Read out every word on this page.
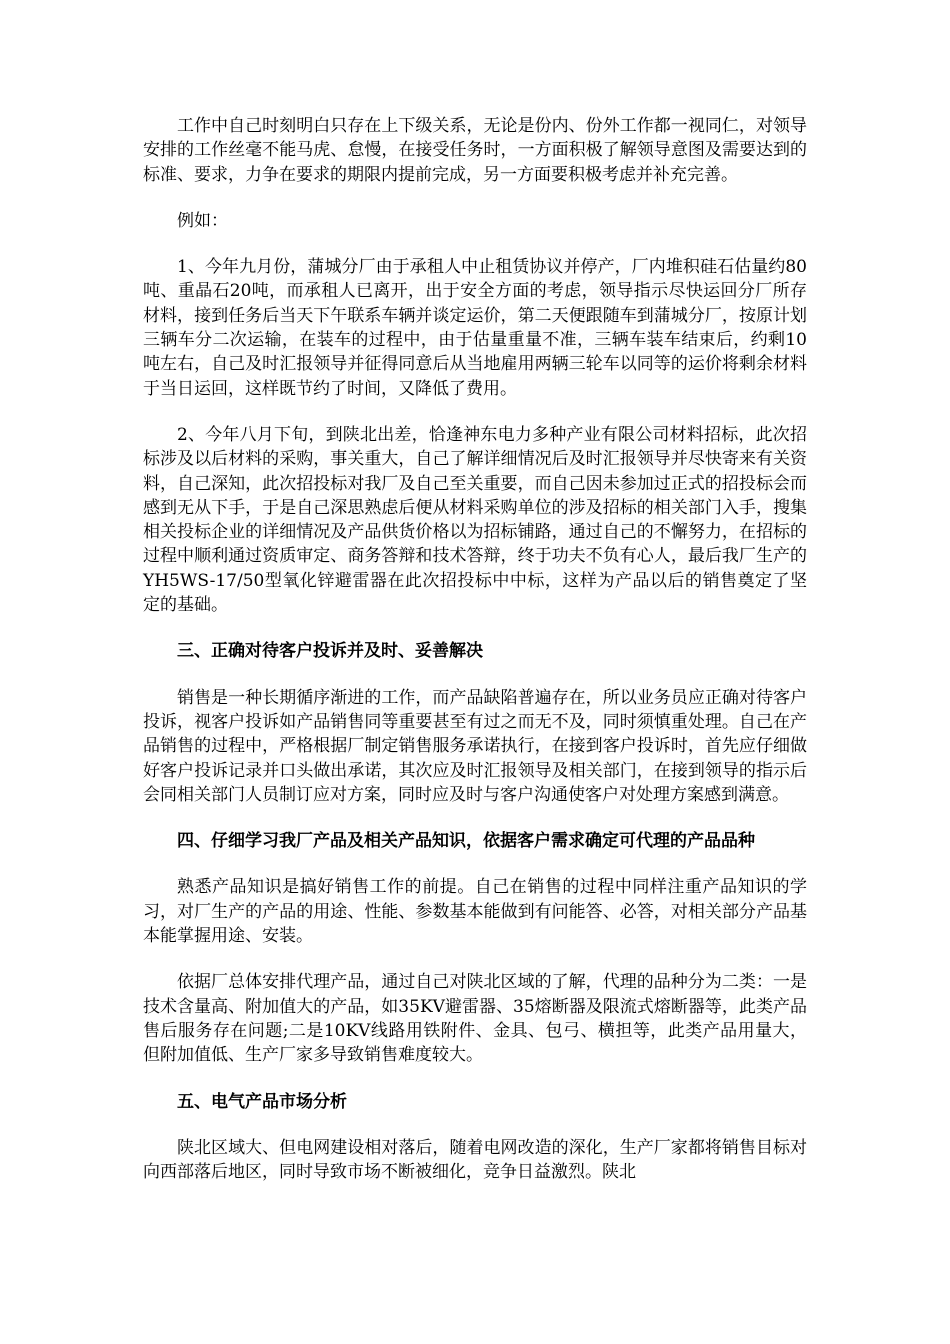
工作中自己时刻明白只存在上下级关系，无论是份内、份外工作都一视同仁，对领导安排的工作丝毫不能马虎、怠慢，在接受任务时，一方面积极了解领导意图及需要达到的标准、要求，力争在要求的期限内提前完成，另一方面要积极考虑并补充完善。

例如：

1、今年九月份，蒲城分厂由于承租人中止租赁协议并停产，厂内堆积硅石估量约80吨、重晶石20吨，而承租人已离开，出于安全方面的考虑，领导指示尽快运回分厂所存材料，接到任务后当天下午联系车辆并谈定运价，第二天便跟随车到蒲城分厂，按原计划三辆车分二次运输，在装车的过程中，由于估量重量不准，三辆车装车结束后，约剩10吨左右，自己及时汇报领导并征得同意后从当地雇用两辆三轮车以同等的运价将剩余材料于当日运回，这样既节约了时间，又降低了费用。

2、今年八月下旬，到陕北出差，恰逢神东电力多种产业有限公司材料招标，此次招标涉及以后材料的采购，事关重大，自己了解详细情况后及时汇报领导并尽快寄来有关资料，自己深知，此次招投标对我厂及自己至关重要，而自己因未参加过正式的招投标会而感到无从下手，于是自己深思熟虑后便从材料采购单位的涉及招标的相关部门入手，搜集相关投标企业的详细情况及产品供货价格以为招标铺路，通过自己的不懈努力，在招标的过程中顺利通过资质审定、商务答辩和技术答辩，终于功夫不负有心人，最后我厂生产的YH5WS-17/50型氧化锌避雷器在此次招投标中中标，这样为产品以后的销售奠定了坚定的基础。

三、正确对待客户投诉并及时、妥善解决

销售是一种长期循序渐进的工作，而产品缺陷普遍存在，所以业务员应正确对待客户投诉，视客户投诉如产品销售同等重要甚至有过之而无不及，同时须慎重处理。自己在产品销售的过程中，严格根据厂制定销售服务承诺执行，在接到客户投诉时，首先应仔细做好客户投诉记录并口头做出承诺，其次应及时汇报领导及相关部门，在接到领导的指示后会同相关部门人员制订应对方案，同时应及时与客户沟通使客户对处理方案感到满意。

四、仔细学习我厂产品及相关产品知识，依据客户需求确定可代理的产品品种

熟悉产品知识是搞好销售工作的前提。自己在销售的过程中同样注重产品知识的学习，对厂生产的产品的用途、性能、参数基本能做到有问能答、必答，对相关部分产品基本能掌握用途、安装。

依据厂总体安排代理产品，通过自己对陕北区域的了解，代理的品种分为二类：一是技术含量高、附加值大的产品，如35KV避雷器、35熔断器及限流式熔断器等，此类产品售后服务存在问题;二是10KV线路用铁附件、金具、包弓、横担等，此类产品用量大，但附加值低、生产厂家多导致销售难度较大。

五、电气产品市场分析

陕北区域大、但电网建设相对落后，随着电网改造的深化，生产厂家都将销售目标对向西部落后地区，同时导致市场不断被细化，竞争日益激烈。陕北
